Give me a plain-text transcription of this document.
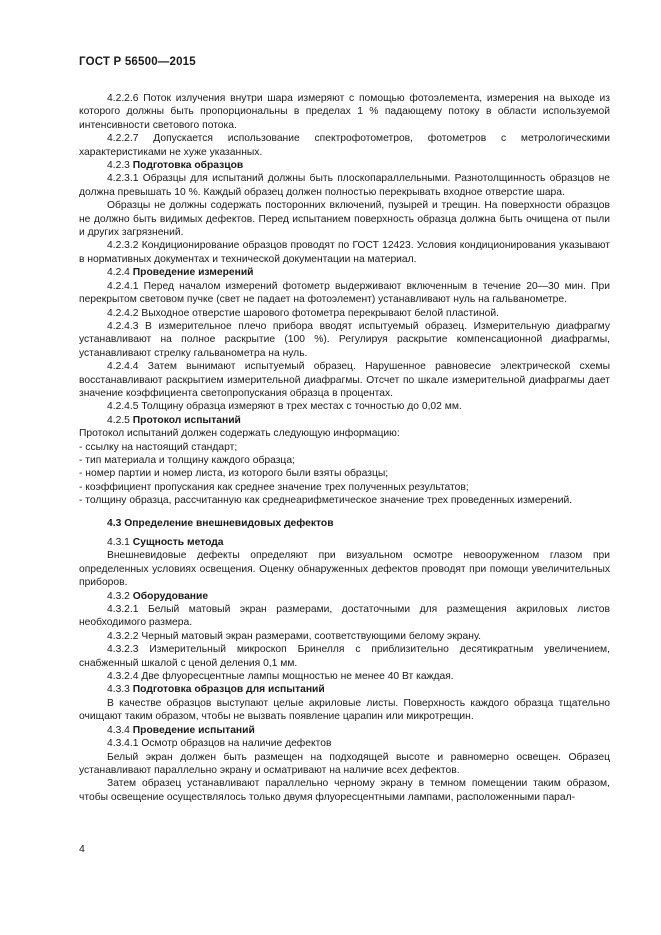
ГОСТ Р 56500—2015

4.2.2.6 Поток излучения внутри шара измеряют с помощью фотоэлемента, измерения на выходе из которого должны быть пропорциональны в пределах 1 % падающему потоку в области используемой интенсивности светового потока.

4.2.2.7 Допускается использование спектрофотометров, фотометров с метрологическими характеристиками не хуже указанных.

4.2.3 Подготовка образцов

4.2.3.1 Образцы для испытаний должны быть плоскопараллельными. Разнотолщинность образцов не должна превышать 10 %. Каждый образец должен полностью перекрывать входное отверстие шара.

Образцы не должны содержать посторонних включений, пузырей и трещин. На поверхности образцов не должно быть видимых дефектов. Перед испытанием поверхность образца должна быть очищена от пыли и других загрязнений.

4.2.3.2 Кондиционирование образцов проводят по ГОСТ 12423. Условия кондиционирования указывают в нормативных документах и технической документации на материал.

4.2.4 Проведение измерений

4.2.4.1 Перед началом измерений фотометр выдерживают включенным в течение 20—30 мин. При перекрытом световом пучке (свет не падает на фотоэлемент) устанавливают нуль на гальванометре.

4.2.4.2 Выходное отверстие шарового фотометра перекрывают белой пластиной.

4.2.4.3 В измерительное плечо прибора вводят испытуемый образец. Измерительную диафрагму устанавливают на полное раскрытие (100 %). Регулируя раскрытие компенсационной диафрагмы, устанавливают стрелку гальванометра на нуль.

4.2.4.4 Затем вынимают испытуемый образец. Нарушенное равновесие электрической схемы восстанавливают раскрытием измерительной диафрагмы. Отсчет по шкале измерительной диафрагмы дает значение коэффициента светопропускания образца в процентах.

4.2.4.5 Толщину образца измеряют в трех местах с точностью до 0,02 мм.

4.2.5 Протокол испытаний

Протокол испытаний должен содержать следующую информацию:

- ссылку на настоящий стандарт;

- тип материала и толщину каждого образца;

- номер партии и номер листа, из которого были взяты образцы;

- коэффициент пропускания как среднее значение трех полученных результатов;

- толщину образца, рассчитанную как среднеарифметическое значение трех проведенных измерений.

4.3 Определение внешневидовых дефектов

4.3.1 Сущность метода

Внешневидовые дефекты определяют при визуальном осмотре невооруженном глазом при определенных условиях освещения. Оценку обнаруженных дефектов проводят при помощи увеличительных приборов.

4.3.2 Оборудование

4.3.2.1 Белый матовый экран размерами, достаточными для размещения акриловых листов необходимого размера.

4.3.2.2 Черный матовый экран размерами, соответствующими белому экрану.

4.3.2.3 Измерительный микроскоп Бринелля с приблизительно десятикратным увеличением, снабженный шкалой с ценой деления 0,1 мм.

4.3.2.4 Две флуоресцентные лампы мощностью не менее 40 Вт каждая.

4.3.3 Подготовка образцов для испытаний

В качестве образцов выступают целые акриловые листы. Поверхность каждого образца тщательно очищают таким образом, чтобы не вызвать появление царапин или микротрещин.

4.3.4 Проведение испытаний

4.3.4.1 Осмотр образцов на наличие дефектов

Белый экран должен быть размещен на подходящей высоте и равномерно освещен. Образец устанавливают параллельно экрану и осматривают на наличие всех дефектов.

Затем образец устанавливают параллельно черному экрану в темном помещении таким образом, чтобы освещение осуществлялось только двумя флуоресцентными лампами, расположенными парал-

4
